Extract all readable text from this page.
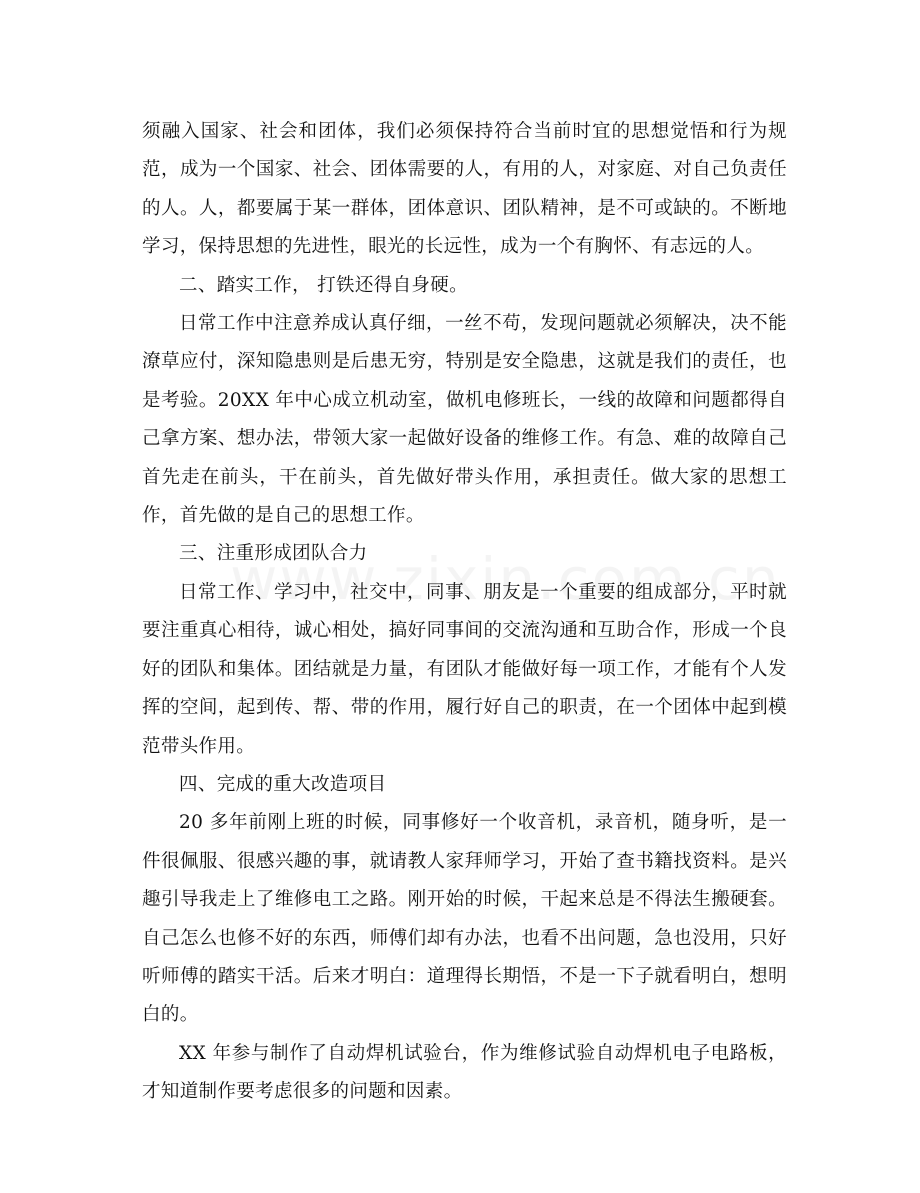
须融入国家、社会和团体，我们必须保持符合当前时宜的思想觉悟和行为规范，成为一个国家、社会、团体需要的人，有用的人，对家庭、对自己负责任的人。人，都要属于某一群体，团体意识、团队精神，是不可或缺的。不断地学习，保持思想的先进性，眼光的长远性，成为一个有胸怀、有志远的人。

二、踏实工作， 打铁还得自身硬。

日常工作中注意养成认真仔细，一丝不苟，发现问题就必须解决，决不能潦草应付，深知隐患则是后患无穷，特别是安全隐患，这就是我们的责任，也是考验。20XX 年中心成立机动室，做机电修班长，一线的故障和问题都得自己拿方案、想办法，带领大家一起做好设备的维修工作。有急、难的故障自己首先走在前头，干在前头，首先做好带头作用，承担责任。做大家的思想工作，首先做的是自己的思想工作。

三、注重形成团队合力

日常工作、学习中，社交中，同事、朋友是一个重要的组成部分，平时就要注重真心相待，诚心相处，搞好同事间的交流沟通和互助合作，形成一个良好的团队和集体。团结就是力量，有团队才能做好每一项工作，才能有个人发挥的空间，起到传、帮、带的作用，履行好自己的职责，在一个团体中起到模范带头作用。

四、完成的重大改造项目

20 多年前刚上班的时候，同事修好一个收音机，录音机，随身听，是一件很佩服、很感兴趣的事，就请教人家拜师学习，开始了查书籍找资料。是兴趣引导我走上了维修电工之路。刚开始的时候，干起来总是不得法生搬硬套。自己怎么也修不好的东西，师傅们却有办法，也看不出问题，急也没用，只好听师傅的踏实干活。后来才明白：道理得长期悟，不是一下子就看明白，想明白的。

XX 年参与制作了自动焊机试验台，作为维修试验自动焊机电子电路板，才知道制作要考虑很多的问题和因素。
